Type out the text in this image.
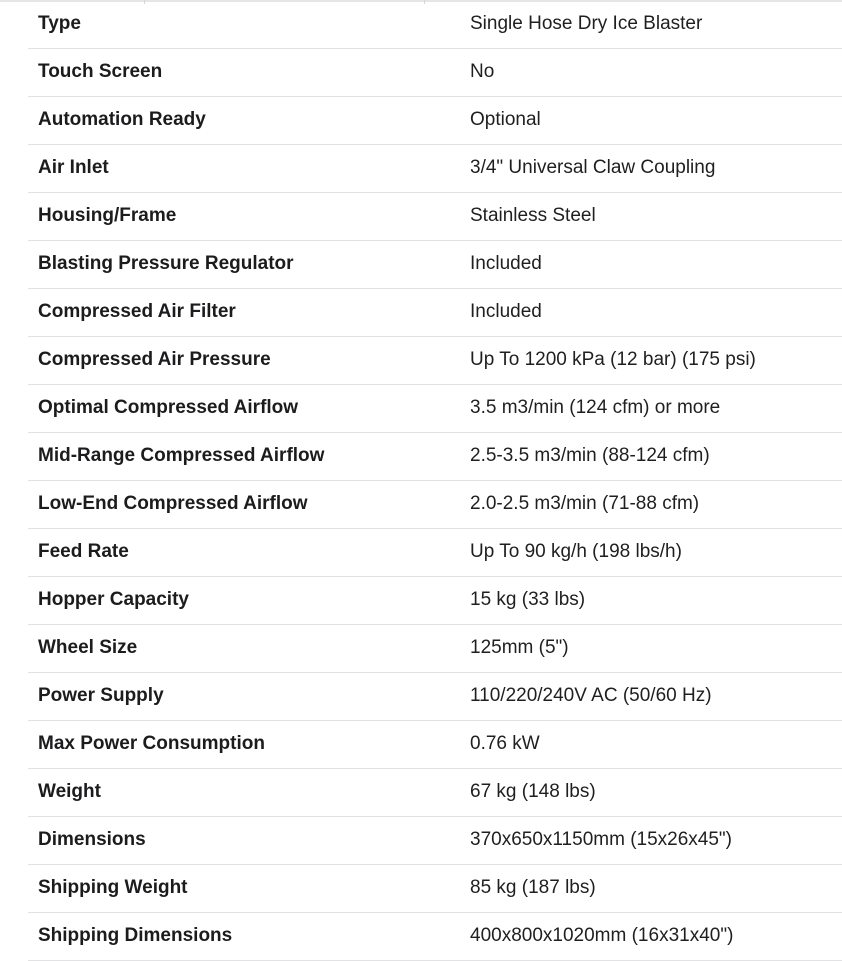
Type	Single Hose Dry Ice Blaster
Touch Screen	No
Automation Ready	Optional
Air Inlet	3/4" Universal Claw Coupling
Housing/Frame	Stainless Steel
Blasting Pressure Regulator	Included
Compressed Air Filter	Included
Compressed Air Pressure	Up To 1200 kPa (12 bar) (175 psi)
Optimal Compressed Airflow	3.5 m3/min (124 cfm) or more
Mid-Range Compressed Airflow	2.5-3.5 m3/min (88-124 cfm)
Low-End Compressed Airflow	2.0-2.5 m3/min (71-88 cfm)
Feed Rate	Up To 90 kg/h (198 lbs/h)
Hopper Capacity	15 kg (33 lbs)
Wheel Size	125mm (5")
Power Supply	110/220/240V AC (50/60 Hz)
Max Power Consumption	0.76 kW
Weight	67 kg (148 lbs)
Dimensions	370x650x1150mm (15x26x45")
Shipping Weight	85 kg (187 lbs)
Shipping Dimensions	400x800x1020mm (16x31x40")
